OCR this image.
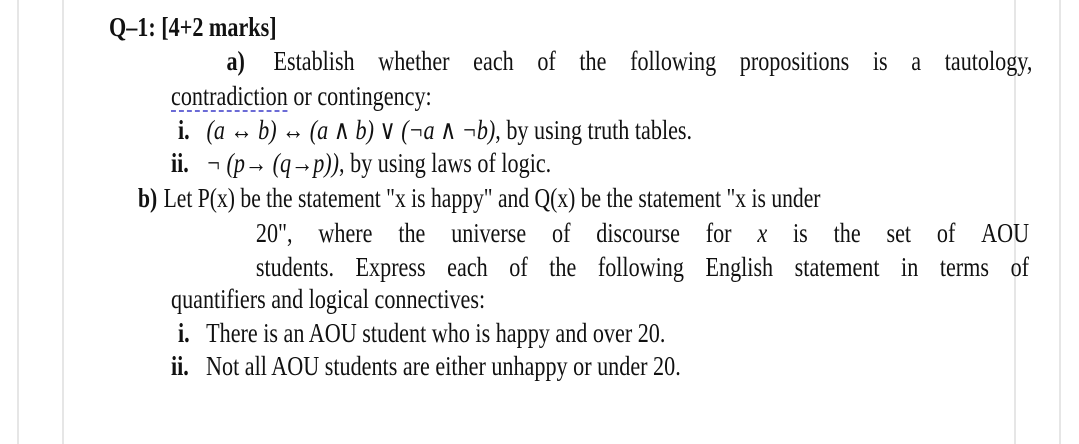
Q–1: [4+2 marks]
a) Establish whether each of the following propositions is a tautology,
contradiction or contingency:
i. (a ↔ b) ↔ (a ∧ b) ∨ (¬a ∧ ¬b), by using truth tables.
ii. ¬ (p→ (q→p)), by using laws of logic.
b) Let P(x) be the statement "x is happy" and Q(x) be the statement "x is under
20", where the universe of discourse for x is the set of AOU
students. Express each of the following English statement in terms of
quantifiers and logical connectives:
i. There is an AOU student who is happy and over 20.
ii. Not all AOU students are either unhappy or under 20.
